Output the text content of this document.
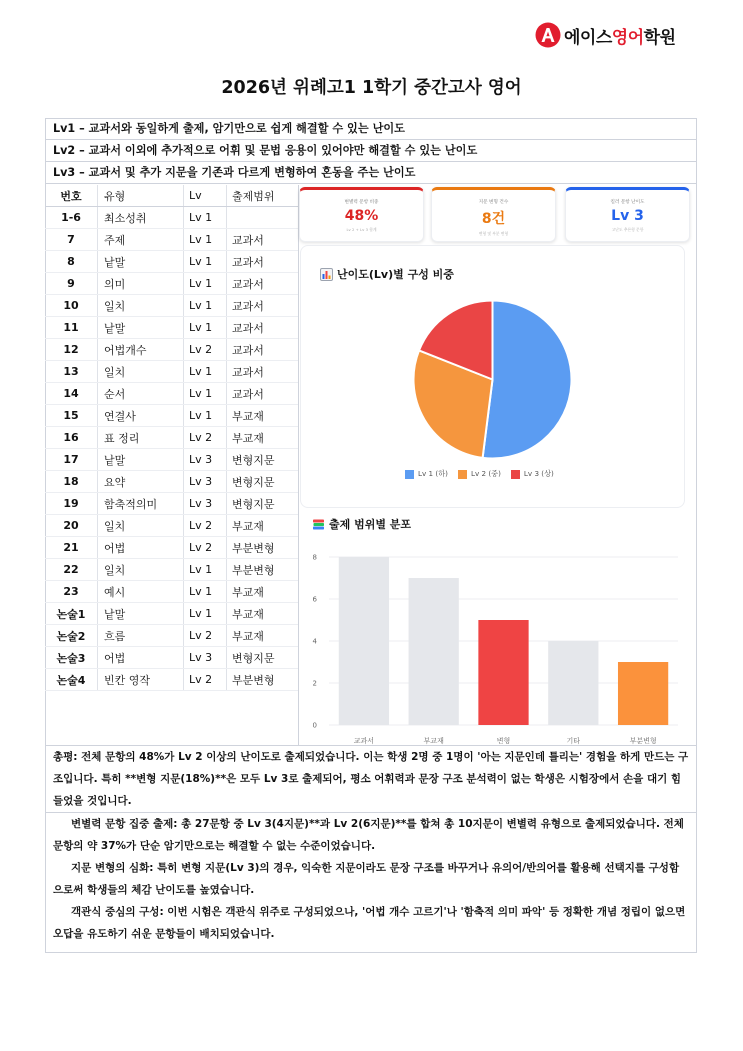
에이스영어학원
2026년 위례고1 1학기 중간고사 영어
Lv1 – 교과서와 동일하게 출제, 암기만으로 쉽게 해결할 수 있는 난이도
Lv2 – 교과서 이외에 추가적으로 어휘 및 문법 응용이 있어야만 해결할 수 있는 난이도
Lv3 – 교과서 및 추가 지문을 기존과 다르게 변형하여 혼동을 주는 난이도
번호	유형	Lv	출제범위
1-6	최소성취	Lv 1	
7	주제	Lv 1	교과서
8	낱말	Lv 1	교과서
9	의미	Lv 1	교과서
10	일치	Lv 1	교과서
11	낱말	Lv 1	교과서
12	어법개수	Lv 2	교과서
13	일치	Lv 1	교과서
14	순서	Lv 1	교과서
15	연결사	Lv 1	부교재
16	표 정리	Lv 2	부교재
17	낱말	Lv 3	변형지문
18	요약	Lv 3	변형지문
19	함축적의미	Lv 3	변형지문
20	일치	Lv 2	부교재
21	어법	Lv 2	부분변형
22	일치	Lv 1	부분변형
23	예시	Lv 1	부교재
논술1	낱말	Lv 1	부교재
논술2	흐름	Lv 2	부교재
논술3	어법	Lv 3	변형지문
논술4	빈칸 영작	Lv 2	부분변형
변별력 문항 비중
48%
Lv 2 + Lv 3 합계
지문 변형 건수
8건
변형 및 부분 변형
킬러 문항 난이도
Lv 3
고난도 추론형 문항
난이도(Lv)별 구성 비중
Lv 1 (하)	Lv 2 (중)	Lv 3 (상)
출제 범위별 분포
0
2
4
6
8
교과서	부교재	변형	기타	부분변형
총평: 전체 문항의 48%가 Lv 2 이상의 난이도로 출제되었습니다. 이는 학생 2명 중 1명이 '아는 지문인데 틀리는' 경험을 하게 만드는 구조입니다. 특히 **변형 지문(18%)**은 모두 Lv 3로 출제되어, 평소 어휘력과 문장 구조 분석력이 없는 학생은 시험장에서 손을 대기 힘들었을 것입니다.
변별력 문항 집중 출제: 총 27문항 중 Lv 3(4지문)**과 Lv 2(6지문)**를 합쳐 총 10지문이 변별력 유형으로 출제되었습니다. 전체 문항의 약 37%가 단순 암기만으로는 해결할 수 없는 수준이었습니다.
지문 변형의 심화: 특히 변형 지문(Lv 3)의 경우, 익숙한 지문이라도 문장 구조를 바꾸거나 유의어/반의어를 활용해 선택지를 구성함으로써 학생들의 체감 난이도를 높였습니다.
객관식 중심의 구성: 이번 시험은 객관식 위주로 구성되었으나, '어법 개수 고르기'나 '함축적 의미 파악' 등 정확한 개념 정립이 없으면 오답을 유도하기 쉬운 문항들이 배치되었습니다.
